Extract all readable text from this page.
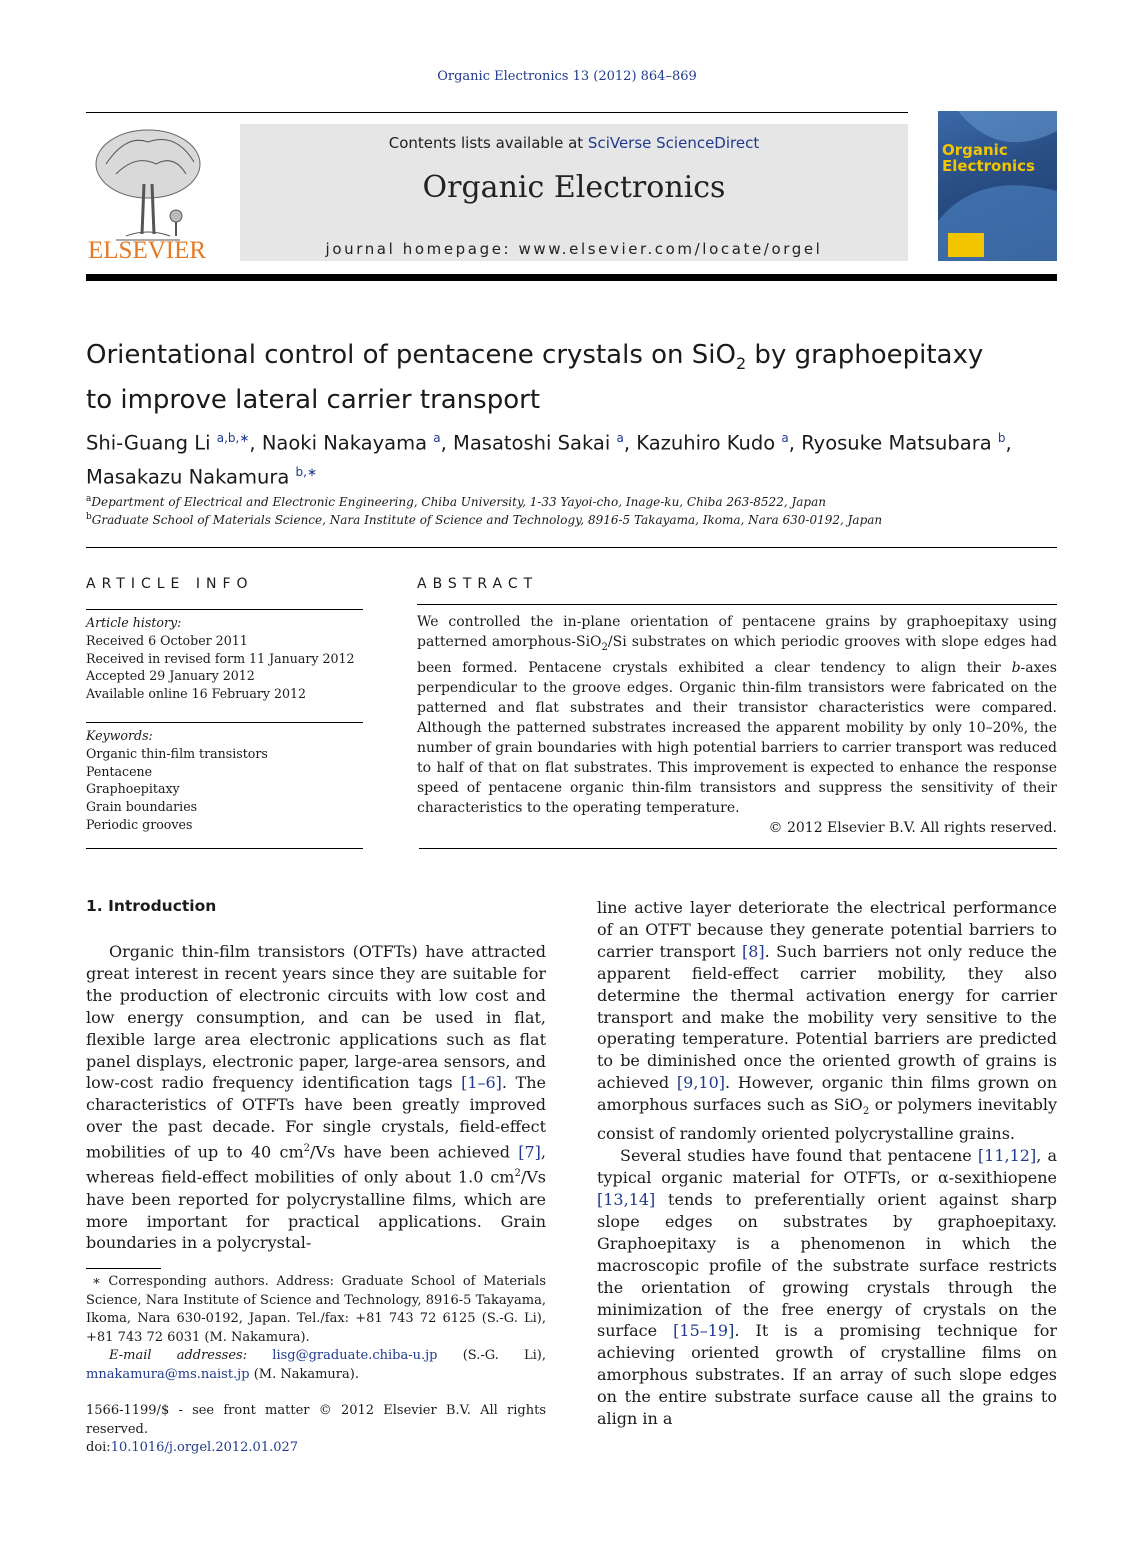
Organic Electronics 13 (2012) 864–869
ELSEVIER
Contents lists available at SciVerse ScienceDirect
Organic Electronics
journal homepage: www.elsevier.com/locate/orgel
Organic
Electronics
Orientational control of pentacene crystals on SiO$_2$ by graphoepitaxy
to improve lateral carrier transport
Shi-Guang Li $^{a,b,∗}$, Naoki Nakayama $^a$, Masatoshi Sakai $^a$, Kazuhiro Kudo $^a$, Ryosuke Matsubara $^b$,
Masakazu Nakamura $^{b,∗}$
$^a$Department of Electrical and Electronic Engineering, Chiba University, 1-33 Yayoi-cho, Inage-ku, Chiba 263-8522, Japan
$^b$Graduate School of Materials Science, Nara Institute of Science and Technology, 8916-5 Takayama, Ikoma, Nara 630-0192, Japan
ARTICLE INFO
Article history:
Received 6 October 2011
Received in revised form 11 January 2012
Accepted 29 January 2012
Available online 16 February 2012
Keywords:
Organic thin-film transistors
Pentacene
Graphoepitaxy
Grain boundaries
Periodic grooves
ABSTRACT
We controlled the in-plane orientation of pentacene grains by graphoepitaxy using patterned amorphous-SiO$_2$/Si substrates on which periodic grooves with slope edges had been formed. Pentacene crystals exhibited a clear tendency to align their b-axes perpendicular to the groove edges. Organic thin-film transistors were fabricated on the patterned and flat substrates and their transistor characteristics were compared. Although the patterned substrates increased the apparent mobility by only 10–20%, the number of grain boundaries with high potential barriers to carrier transport was reduced to half of that on flat substrates. This improvement is expected to enhance the response speed of pentacene organic thin-film transistors and suppress the sensitivity of their characteristics to the operating temperature.
© 2012 Elsevier B.V. All rights reserved.
1. Introduction
Organic thin-film transistors (OTFTs) have attracted great interest in recent years since they are suitable for the production of electronic circuits with low cost and low energy consumption, and can be used in flat, flexible large area electronic applications such as flat panel displays, electronic paper, large-area sensors, and low-cost radio frequency identification tags [1–6]. The characteristics of OTFTs have been greatly improved over the past decade. For single crystals, field-effect mobilities of up to 40 $cm^2/Vs$ have been achieved [7], whereas field-effect mobilities of only about 1.0 $cm^2/Vs$ have been reported for polycrystalline films, which are more important for practical applications. Grain boundaries in a polycrystal-
line active layer deteriorate the electrical performance of an OTFT because they generate potential barriers to carrier transport [8]. Such barriers not only reduce the apparent field-effect carrier mobility, they also determine the thermal activation energy for carrier transport and make the mobility very sensitive to the operating temperature. Potential barriers are predicted to be diminished once the oriented growth of grains is achieved [9,10]. However, organic thin films grown on amorphous surfaces such as SiO$_2$ or polymers inevitably consist of randomly oriented polycrystalline grains.
Several studies have found that pentacene [11,12], a typical organic material for OTFTs, or α-sexithiopene [13,14] tends to preferentially orient against sharp slope edges on substrates by graphoepitaxy. Graphoepitaxy is a phenomenon in which the macroscopic profile of the substrate surface restricts the orientation of growing crystals through the minimization of the free energy of crystals on the surface [15–19]. It is a promising technique for achieving oriented growth of crystalline films on amorphous substrates. If an array of such slope edges on the entire substrate surface cause all the grains to align in a
∗ Corresponding authors. Address: Graduate School of Materials Science, Nara Institute of Science and Technology, 8916-5 Takayama, Ikoma, Nara 630-0192, Japan. Tel./fax: +81 743 72 6125 (S.-G. Li), +81 743 72 6031 (M. Nakamura).
E-mail addresses: lisg@graduate.chiba-u.jp (S.-G. Li), mnakamura@ms.naist.jp (M. Nakamura).
1566-1199/$ - see front matter © 2012 Elsevier B.V. All rights reserved.
doi:10.1016/j.orgel.2012.01.027
